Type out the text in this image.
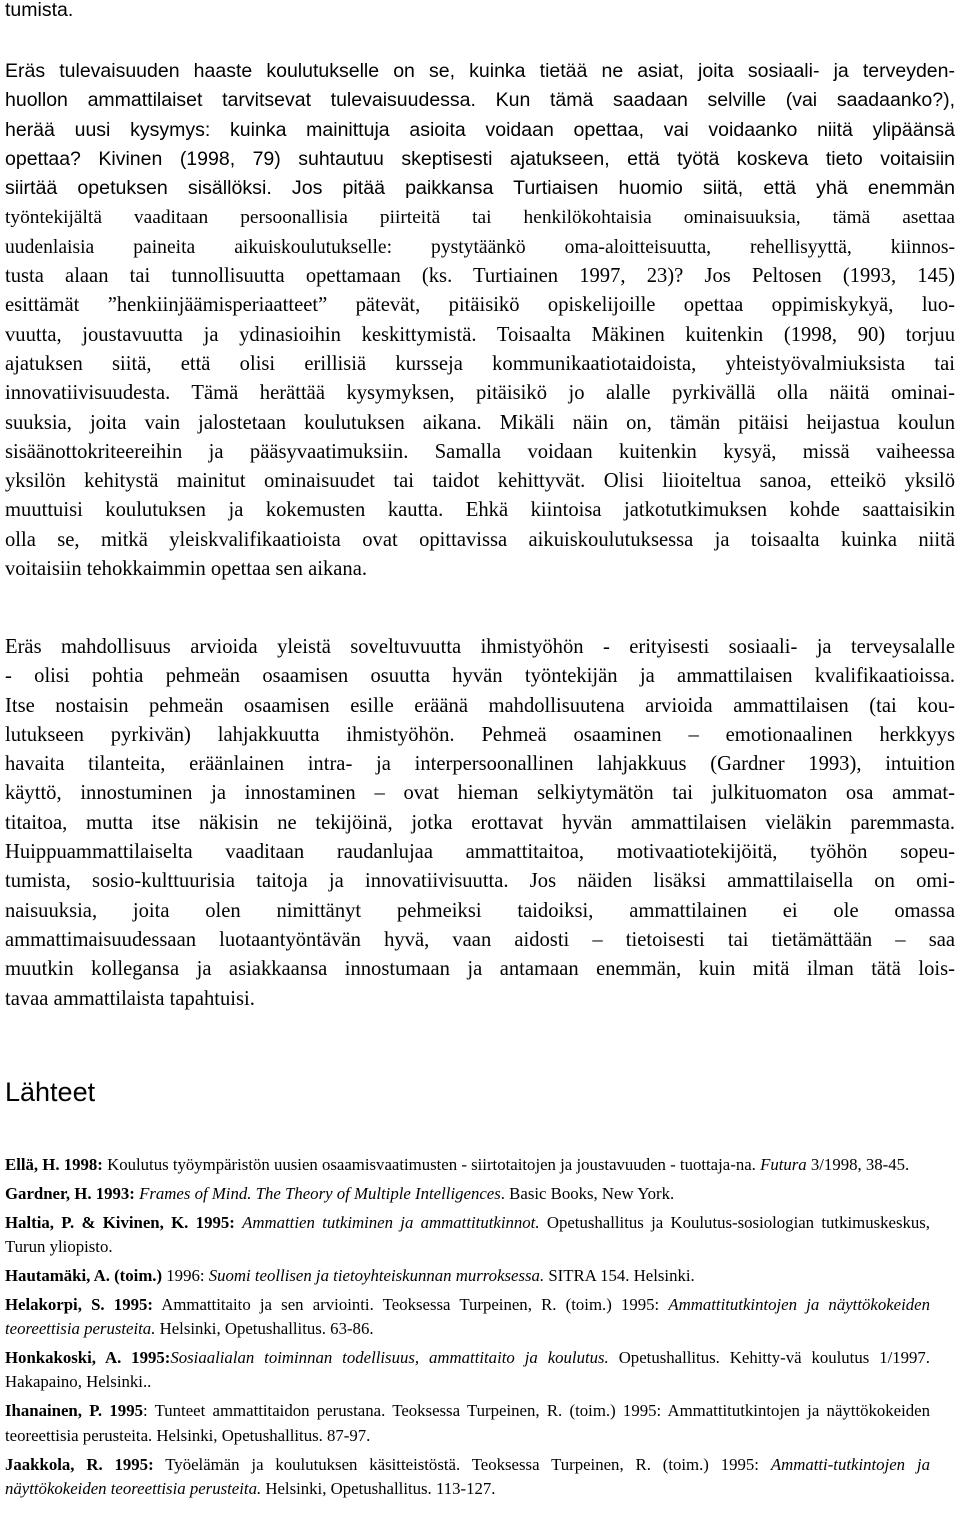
tumista.
Eräs tulevaisuuden haaste koulutukselle on se, kuinka tietää ne asiat, joita sosiaali- ja terveyden-
huollon ammattilaiset tarvitsevat tulevaisuudessa. Kun tämä saadaan selville (vai saadaanko?),
herää uusi kysymys: kuinka mainittuja asioita voidaan opettaa, vai voidaanko niitä ylipäänsä
opettaa? Kivinen (1998, 79) suhtautuu skeptisesti ajatukseen, että työtä koskeva tieto voitaisiin
siirtää opetuksen sisällöksi. Jos pitää paikkansa Turtiaisen huomio siitä, että yhä enemmän
työntekijältä vaaditaan persoonallisia piirteitä tai henkilökohtaisia ominaisuuksia, tämä asettaa
uudenlaisia paineita aikuiskoulutukselle: pystytäänkö oma-aloitteisuutta, rehellisyyttä, kiinnos-
tusta alaan tai tunnollisuutta opettamaan (ks. Turtiainen 1997, 23)? Jos Peltosen (1993, 145)
esittämät ”henkiinjäämisperiaatteet” pätevät, pitäisikö opiskelijoille opettaa oppimiskykyä, luo-
vuutta, joustavuutta ja ydinasioihin keskittymistä. Toisaalta Mäkinen kuitenkin (1998, 90) torjuu
ajatuksen siitä, että olisi erillisiä kursseja kommunikaatiotaidoista, yhteistyövalmiuksista tai
innovatiivisuudesta. Tämä herättää kysymyksen, pitäisikö jo alalle pyrkivällä olla näitä ominai-
suuksia, joita vain jalostetaan koulutuksen aikana. Mikäli näin on, tämän pitäisi heijastua koulun
sisäänottokriteereihin ja pääsyvaatimuksiin. Samalla voidaan kuitenkin kysyä, missä vaiheessa
yksilön kehitystä mainitut ominaisuudet tai taidot kehittyvät. Olisi liioiteltua sanoa, etteikö yksilö
muuttuisi koulutuksen ja kokemusten kautta. Ehkä kiintoisa jatkotutkimuksen kohde saattaisikin
olla se, mitkä yleiskvalifikaatioista ovat opittavissa aikuiskoulutuksessa ja toisaalta kuinka niitä
voitaisiin tehokkaimmin opettaa sen aikana.
Eräs mahdollisuus arvioida yleistä soveltuvuutta ihmistyöhön - erityisesti sosiaali- ja terveysalalle
- olisi pohtia pehmeän osaamisen osuutta hyvän työntekijän ja ammattilaisen kvalifikaatioissa.
Itse nostaisin pehmeän osaamisen esille eräänä mahdollisuutena arvioida ammattilaisen (tai kou-
lutukseen pyrkivän) lahjakkuutta ihmistyöhön. Pehmeä osaaminen – emotionaalinen herkkyys
havaita tilanteita, eräänlainen intra- ja interpersoonallinen lahjakkuus (Gardner 1993), intuition
käyttö, innostuminen ja innostaminen – ovat hieman selkiytymätön tai julkituomaton osa ammat-
titaitoa, mutta itse näkisin ne tekijöinä, jotka erottavat hyvän ammattilaisen vieläkin paremmasta.
Huippuammattilaiselta vaaditaan raudanlujaa ammattitaitoa, motivaatiotekijöitä, työhön sopeu-
tumista, sosio-kulttuurisia taitoja ja innovatiivisuutta. Jos näiden lisäksi ammattilaisella on omi-
naisuuksia, joita olen nimittänyt pehmeiksi taidoiksi, ammattilainen ei ole omassa
ammattimaisuudessaan luotaantyöntävän hyvä, vaan aidosti – tietoisesti tai tietämättään – saa
muutkin kollegansa ja asiakkaansa innostumaan ja antamaan enemmän, kuin mitä ilman tätä lois-
tavaa ammattilaista tapahtuisi.
Lähteet

Ellä, H. 1998: Koulutus työympäristön uusien osaamisvaatimusten - siirtotaitojen ja joustavuuden - tuottaja-na. Futura 3/1998, 38-45.

Gardner, H. 1993: Frames of Mind. The Theory of Multiple Intelligences. Basic Books, New York.

Haltia, P. & Kivinen, K. 1995: Ammattien tutkiminen ja ammattitutkinnot. Opetushallitus ja Koulutus-sosiologian tutkimuskeskus, Turun yliopisto.

Hautamäki, A. (toim.) 1996: Suomi teollisen ja tietoyhteiskunnan murroksessa. SITRA 154. Helsinki.

Helakorpi, S. 1995: Ammattitaito ja sen arviointi. Teoksessa Turpeinen, R. (toim.) 1995: Ammattitutkintojen ja näyttökokeiden teoreettisia perusteita. Helsinki, Opetushallitus. 63-86.

Honkakoski, A. 1995:Sosiaalialan toiminnan todellisuus, ammattitaito ja koulutus. Opetushallitus. Kehitty-vä koulutus 1/1997. Hakapaino, Helsinki..

Ihanainen, P. 1995: Tunteet ammattitaidon perustana. Teoksessa Turpeinen, R. (toim.) 1995: Ammattitutkintojen ja näyttökokeiden teoreettisia perusteita. Helsinki, Opetushallitus. 87-97.

Jaakkola, R. 1995: Työelämän ja koulutuksen käsitteistöstä. Teoksessa Turpeinen, R. (toim.) 1995: Ammatti-tutkintojen ja näyttökokeiden teoreettisia perusteita. Helsinki, Opetushallitus. 113-127.
